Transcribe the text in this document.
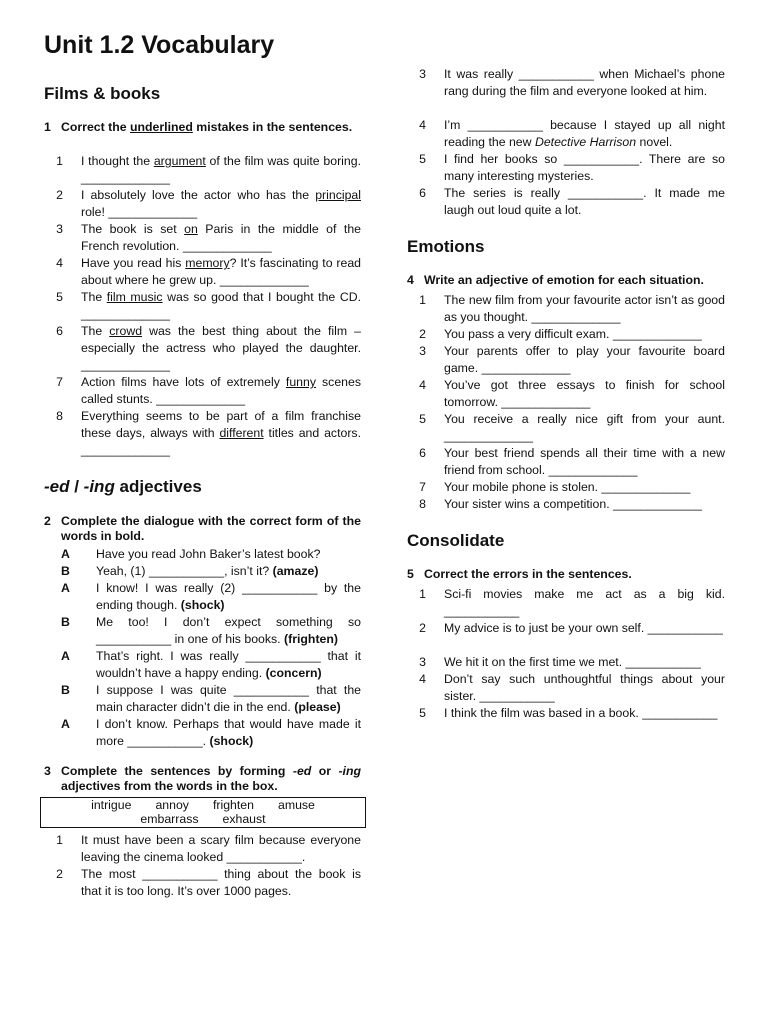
Unit 1.2 Vocabulary
Films & books
1 Correct the underlined mistakes in the sentences.
1	I thought the argument of the film was quite boring. _____________
2	I absolutely love the actor who has the principal role! _____________
3	The book is set on Paris in the middle of the French revolution. _____________
4	Have you read his memory? It’s fascinating to read about where he grew up. _____________
5	The film music was so good that I bought the CD. _____________
6	The crowd was the best thing about the film – especially the actress who played the daughter. _____________
7	Action films have lots of extremely funny scenes called stunts. _____________
8	Everything seems to be part of a film franchise these days, always with different titles and actors. _____________
-ed / -ing adjectives
2 Complete the dialogue with the correct form of the words in bold.
A	Have you read John Baker’s latest book?
B	Yeah, (1) ___________, isn’t it? (amaze)
A	I know! I was really (2) ___________ by the ending though. (shock)
B	Me too! I don’t expect something so ___________ in one of his books. (frighten)
A	That’s right. I was really ___________ that it wouldn’t have a happy ending. (concern)
B	I suppose I was quite ___________ that the main character didn’t die in the end. (please)
A	I don’t know. Perhaps that would have made it more ___________. (shock)
3 Complete the sentences by forming -ed or -ing adjectives from the words in the box.
intrigue	annoy	frighten	amuse
embarrass	exhaust
1	It must have been a scary film because everyone leaving the cinema looked ___________.
2	The most ___________ thing about the book is that it is too long. It’s over 1000 pages.
3	It was really ___________ when Michael’s phone rang during the film and everyone looked at him.
4	I’m ___________ because I stayed up all night reading the new Detective Harrison novel.
5	I find her books so ___________. There are so many interesting mysteries.
6	The series is really ___________. It made me laugh out loud quite a lot.
Emotions
4 Write an adjective of emotion for each situation.
1	The new film from your favourite actor isn’t as good as you thought. _____________
2	You pass a very difficult exam. _____________
3	Your parents offer to play your favourite board game. _____________
4	You’ve got three essays to finish for school tomorrow. _____________
5	You receive a really nice gift from your aunt. _____________
6	Your best friend spends all their time with a new friend from school. _____________
7	Your mobile phone is stolen. _____________
8	Your sister wins a competition. _____________
Consolidate
5 Correct the errors in the sentences.
1	Sci-fi movies make me act as a big kid. ___________
2	My advice is to just be your own self. ___________
3	We hit it on the first time we met. ___________
4	Don’t say such unthoughtful things about your sister. ___________
5	I think the film was based in a book. ___________
